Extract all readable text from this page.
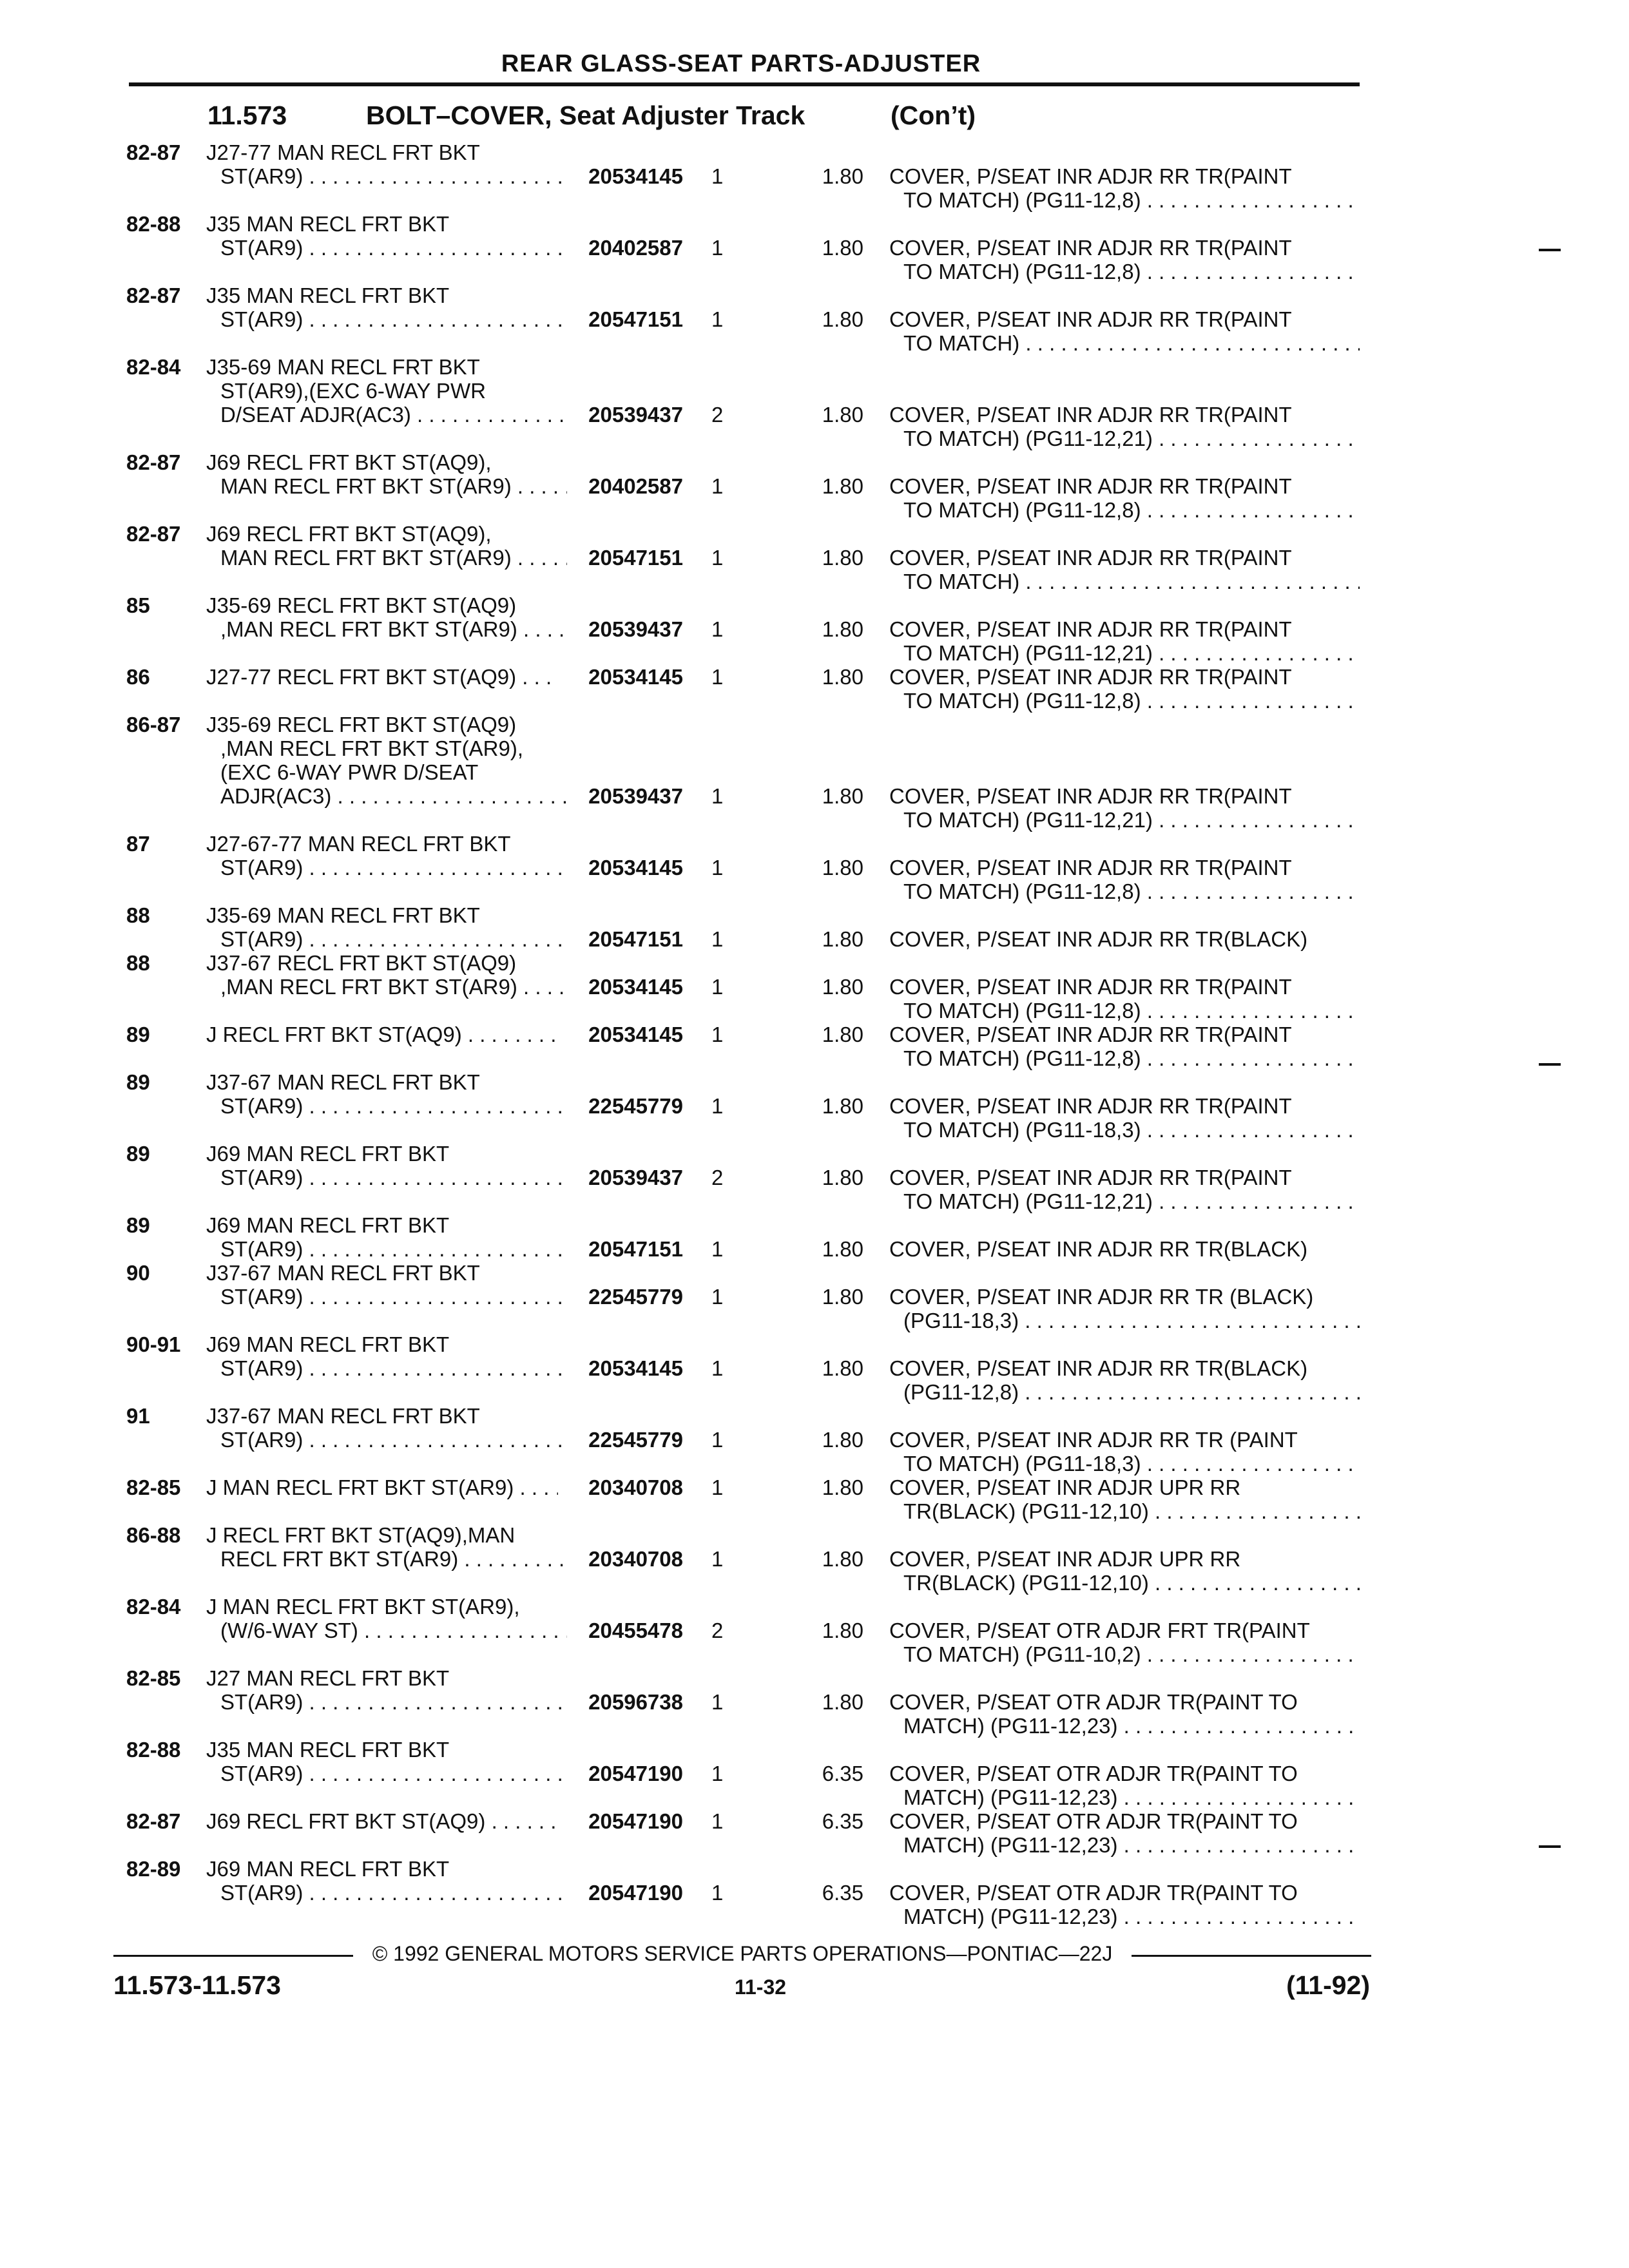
REAR GLASS-SEAT PARTS-ADJUSTER
11.573	BOLT–COVER, Seat Adjuster Track	(Con’t)
82-87 J27-77 MAN RECL FRT BKT
ST(AR9) . . .	20534145 1	1.80 COVER, P/SEAT INR ADJR RR TR(PAINT
TO MATCH) (PG11-12,8) . . .
82-88 J35 MAN RECL FRT BKT
ST(AR9) . . .	20402587 1	1.80 COVER, P/SEAT INR ADJR RR TR(PAINT
TO MATCH) (PG11-12,8) . . .
82-87 J35 MAN RECL FRT BKT
ST(AR9) . . .	20547151 1	1.80 COVER, P/SEAT INR ADJR RR TR(PAINT
TO MATCH) . . .
82-84 J35-69 MAN RECL FRT BKT
ST(AR9),(EXC 6-WAY PWR
D/SEAT ADJR(AC3) . . .	20539437 2	1.80 COVER, P/SEAT INR ADJR RR TR(PAINT
TO MATCH) (PG11-12,21) . . .
82-87 J69 RECL FRT BKT ST(AQ9),
MAN RECL FRT BKT ST(AR9) . . .	20402587 1	1.80 COVER, P/SEAT INR ADJR RR TR(PAINT
TO MATCH) (PG11-12,8) . . .
82-87 J69 RECL FRT BKT ST(AQ9),
MAN RECL FRT BKT ST(AR9) . . .	20547151 1	1.80 COVER, P/SEAT INR ADJR RR TR(PAINT
TO MATCH) . . .
85	J35-69 RECL FRT BKT ST(AQ9)
,MAN RECL FRT BKT ST(AR9) . . .	20539437 1	1.80 COVER, P/SEAT INR ADJR RR TR(PAINT
TO MATCH) (PG11-12,21) . . .
86	J27-77 RECL FRT BKT ST(AQ9) . . .	20534145 1	1.80 COVER, P/SEAT INR ADJR RR TR(PAINT
TO MATCH) (PG11-12,8) . . .
86-87 J35-69 RECL FRT BKT ST(AQ9)
,MAN RECL FRT BKT ST(AR9),
(EXC 6-WAY PWR D/SEAT
ADJR(AC3) . . .	20539437 1	1.80 COVER, P/SEAT INR ADJR RR TR(PAINT
TO MATCH) (PG11-12,21) . . .
87	J27-67-77 MAN RECL FRT BKT
ST(AR9) . . .	20534145 1	1.80 COVER, P/SEAT INR ADJR RR TR(PAINT
TO MATCH) (PG11-12,8) . . .
88	J35-69 MAN RECL FRT BKT
ST(AR9) . . .	20547151 1	1.80 COVER, P/SEAT INR ADJR RR TR(BLACK)
88	J37-67 RECL FRT BKT ST(AQ9)
,MAN RECL FRT BKT ST(AR9) . . .	20534145 1	1.80 COVER, P/SEAT INR ADJR RR TR(PAINT
TO MATCH) (PG11-12,8) . . .
89	J RECL FRT BKT ST(AQ9) . . .	20534145 1	1.80 COVER, P/SEAT INR ADJR RR TR(PAINT
TO MATCH) (PG11-12,8) . . .
89	J37-67 MAN RECL FRT BKT
ST(AR9) . . .	22545779 1	1.80 COVER, P/SEAT INR ADJR RR TR(PAINT
TO MATCH) (PG11-18,3) . . .
89	J69 MAN RECL FRT BKT
ST(AR9) . . .	20539437 2	1.80 COVER, P/SEAT INR ADJR RR TR(PAINT
TO MATCH) (PG11-12,21) . . .
89	J69 MAN RECL FRT BKT
ST(AR9) . . .	20547151 1	1.80 COVER, P/SEAT INR ADJR RR TR(BLACK)
90	J37-67 MAN RECL FRT BKT
ST(AR9) . . .	22545779 1	1.80 COVER, P/SEAT INR ADJR RR TR (BLACK)
(PG11-18,3) . . .
90-91 J69 MAN RECL FRT BKT
ST(AR9) . . .	20534145 1	1.80 COVER, P/SEAT INR ADJR RR TR(BLACK)
(PG11-12,8) . . .
91	J37-67 MAN RECL FRT BKT
ST(AR9) . . .	22545779 1	1.80 COVER, P/SEAT INR ADJR RR TR (PAINT
TO MATCH) (PG11-18,3) . . .
82-85 J MAN RECL FRT BKT ST(AR9) . . .	20340708 1	1.80 COVER, P/SEAT INR ADJR UPR RR
TR(BLACK) (PG11-12,10) . . .
86-88 J RECL FRT BKT ST(AQ9),MAN
RECL FRT BKT ST(AR9) . . .	20340708 1	1.80 COVER, P/SEAT INR ADJR UPR RR
TR(BLACK) (PG11-12,10) . . .
82-84 J MAN RECL FRT BKT ST(AR9),
(W/6-WAY ST) . . .	20455478 2	1.80 COVER, P/SEAT OTR ADJR FRT TR(PAINT
TO MATCH) (PG11-10,2) . . .
82-85 J27 MAN RECL FRT BKT
ST(AR9) . . .	20596738 1	1.80 COVER, P/SEAT OTR ADJR TR(PAINT TO
MATCH) (PG11-12,23) . . .
82-88 J35 MAN RECL FRT BKT
ST(AR9) . . .	20547190 1	6.35 COVER, P/SEAT OTR ADJR TR(PAINT TO
MATCH) (PG11-12,23) . . .
82-87 J69 RECL FRT BKT ST(AQ9) . . .	20547190 1	6.35 COVER, P/SEAT OTR ADJR TR(PAINT TO
MATCH) (PG11-12,23) . . .
82-89 J69 MAN RECL FRT BKT
ST(AR9) . . .	20547190 1	6.35 COVER, P/SEAT OTR ADJR TR(PAINT TO
MATCH) (PG11-12,23) . . .
© 1992 GENERAL MOTORS SERVICE PARTS OPERATIONS—PONTIAC—22J
11.573-11.573	11-32	(11-92)
